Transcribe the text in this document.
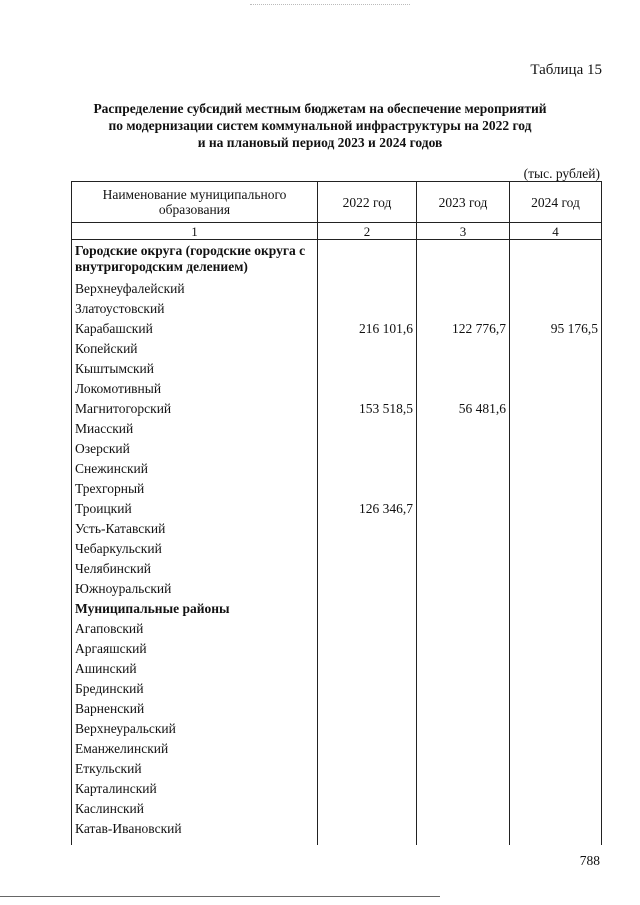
Таблица 15
Распределение субсидий местным бюджетам на обеспечение мероприятий
по модернизации систем коммунальной инфраструктуры на 2022 год
и на плановый период 2023 и 2024 годов
(тыс. рублей)
Наименование муниципального образования	2022 год	2023 год	2024 год
1	2	3	4
Городские округа (городские округа с внутригородским делением)			
Верхнеуфалейский			
Златоустовский			
Карабашский	216 101,6	122 776,7	95 176,5
Копейский			
Кыштымский			
Локомотивный			
Магнитогорский	153 518,5	56 481,6	
Миасский			
Озерский			
Снежинский			
Трехгорный			
Троицкий	126 346,7		
Усть-Катавский			
Чебаркульский			
Челябинский			
Южноуральский			
Муниципальные районы			
Агаповский			
Аргаяшский			
Ашинский			
Брединский			
Варненский			
Верхнеуральский			
Еманжелинский			
Еткульский			
Карталинский			
Каслинский			
Катав-Ивановский			
788
